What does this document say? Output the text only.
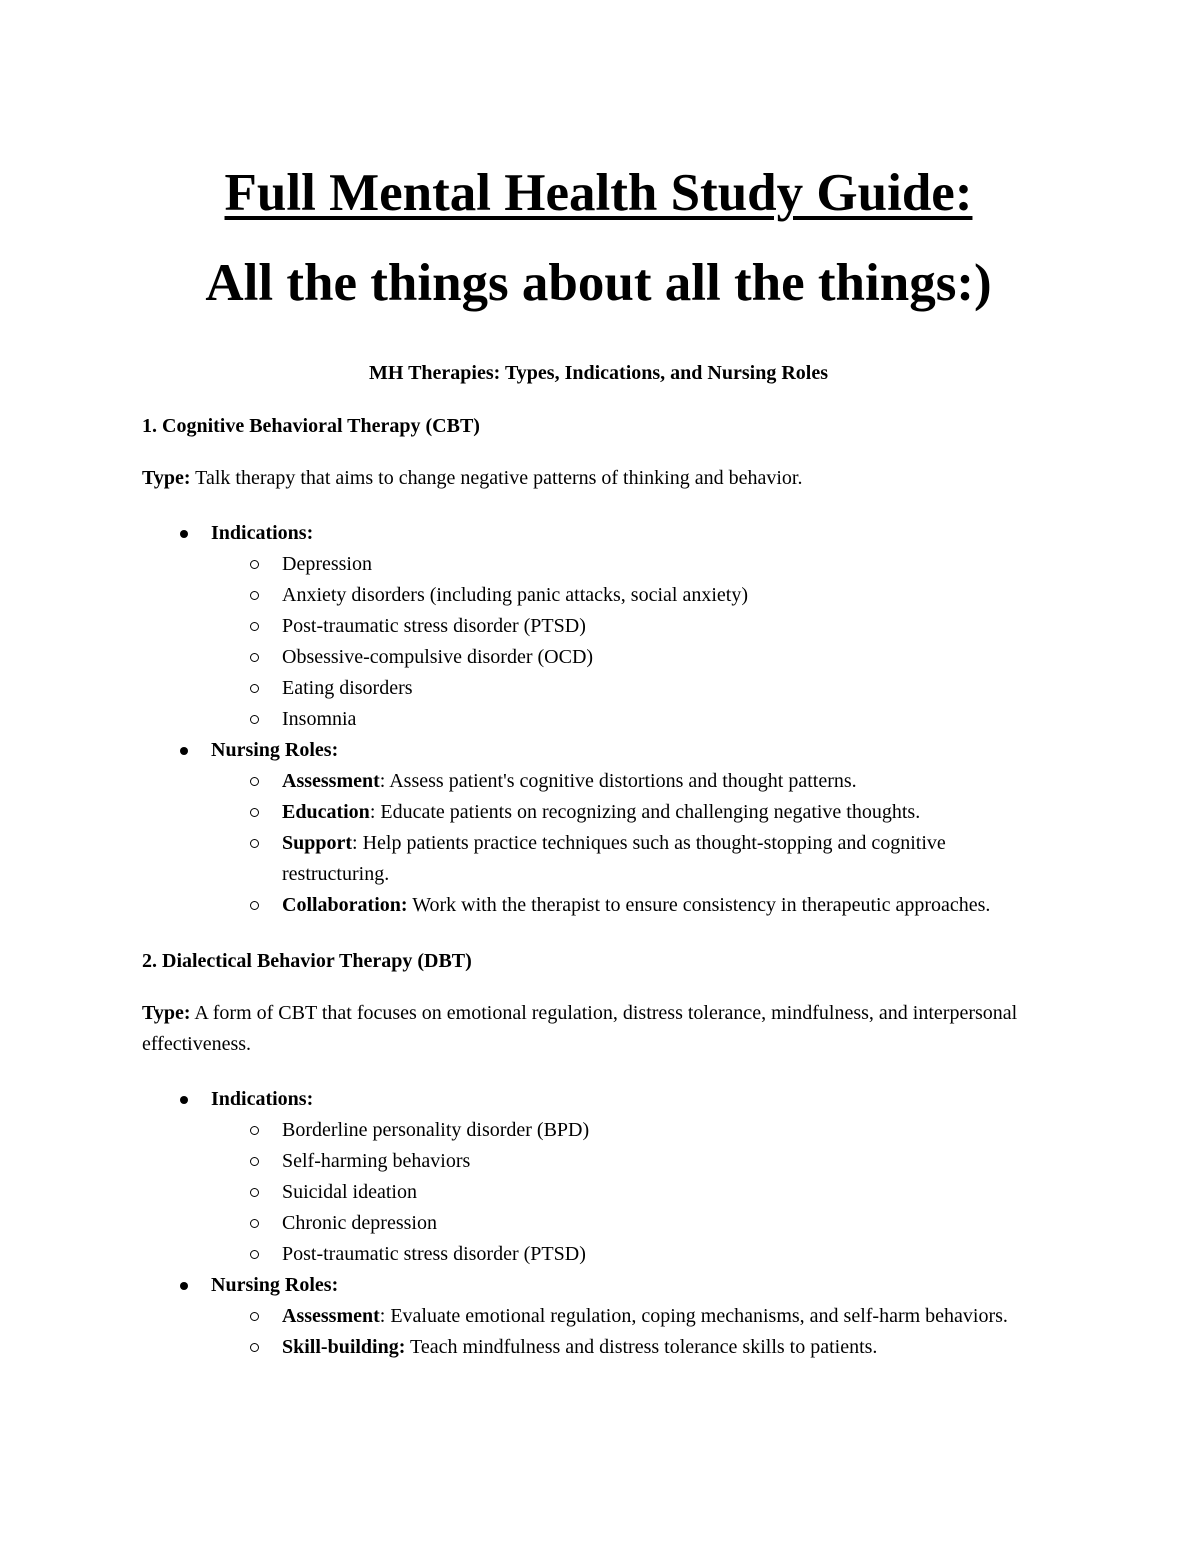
Full Mental Health Study Guide:
All the things about all the things:)

MH Therapies: Types, Indications, and Nursing Roles

1. Cognitive Behavioral Therapy (CBT)

Type: Talk therapy that aims to change negative patterns of thinking and behavior.

Indications:
Depression
Anxiety disorders (including panic attacks, social anxiety)
Post-traumatic stress disorder (PTSD)
Obsessive-compulsive disorder (OCD)
Eating disorders
Insomnia
Nursing Roles:
Assessment: Assess patient's cognitive distortions and thought patterns.
Education: Educate patients on recognizing and challenging negative thoughts.
Support: Help patients practice techniques such as thought-stopping and cognitive restructuring.
Collaboration: Work with the therapist to ensure consistency in therapeutic approaches.

2. Dialectical Behavior Therapy (DBT)

Type: A form of CBT that focuses on emotional regulation, distress tolerance, mindfulness, and interpersonal effectiveness.

Indications:
Borderline personality disorder (BPD)
Self-harming behaviors
Suicidal ideation
Chronic depression
Post-traumatic stress disorder (PTSD)
Nursing Roles:
Assessment: Evaluate emotional regulation, coping mechanisms, and self-harm behaviors.
Skill-building: Teach mindfulness and distress tolerance skills to patients.
